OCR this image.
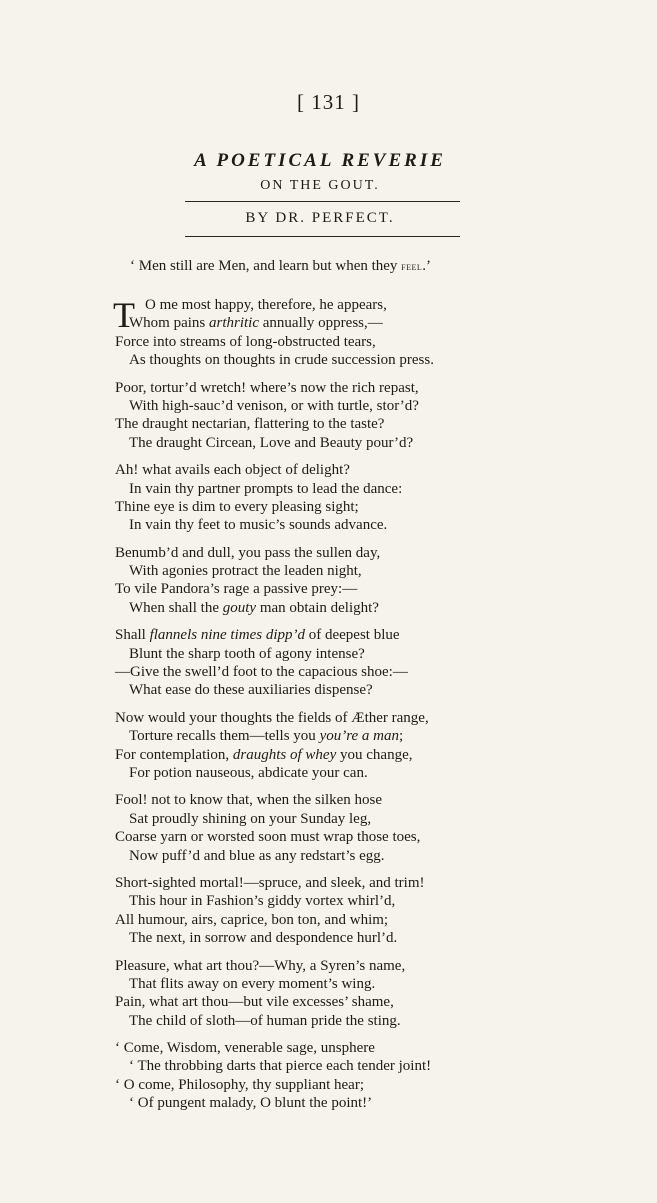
[ 131 ]
A POETICAL REVERIE
ON THE GOUT.
BY DR. PERFECT.
‘ Men still are Men, and learn but when they feel.’
T O me most happy, therefore, he appears,
Whom pains arthritic annually oppress,—
Force into streams of long-obstructed tears,
As thoughts on thoughts in crude succession press.
Poor, tortur’d wretch! where’s now the rich repast,
With high-sauc’d venison, or with turtle, stor’d?
The draught nectarian, flattering to the taste?
The draught Circean, Love and Beauty pour’d?
Ah! what avails each object of delight?
In vain thy partner prompts to lead the dance:
Thine eye is dim to every pleasing sight;
In vain thy feet to music’s sounds advance.
Benumb’d and dull, you pass the sullen day,
With agonies protract the leaden night,
To vile Pandora’s rage a passive prey:—
When shall the gouty man obtain delight?
Shall flannels nine times dipp’d of deepest blue
Blunt the sharp tooth of agony intense?
—Give the swell’d foot to the capacious shoe:—
What ease do these auxiliaries dispense?
Now would your thoughts the fields of Æther range,
Torture recalls them—tells you you’re a man;
For contemplation, draughts of whey you change,
For potion nauseous, abdicate your can.
Fool! not to know that, when the silken hose
Sat proudly shining on your Sunday leg,
Coarse yarn or worsted soon must wrap those toes,
Now puff’d and blue as any redstart’s egg.
Short-sighted mortal!—spruce, and sleek, and trim!
This hour in Fashion’s giddy vortex whirl’d,
All humour, airs, caprice, bon ton, and whim;
The next, in sorrow and despondence hurl’d.
Pleasure, what art thou?—Why, a Syren’s name,
That flits away on every moment’s wing.
Pain, what art thou—but vile excesses’ shame,
The child of sloth—of human pride the sting.
‘ Come, Wisdom, venerable sage, unsphere
‘ The throbbing darts that pierce each tender joint!
‘ O come, Philosophy, thy suppliant hear;
‘ Of pungent malady, O blunt the point!’
